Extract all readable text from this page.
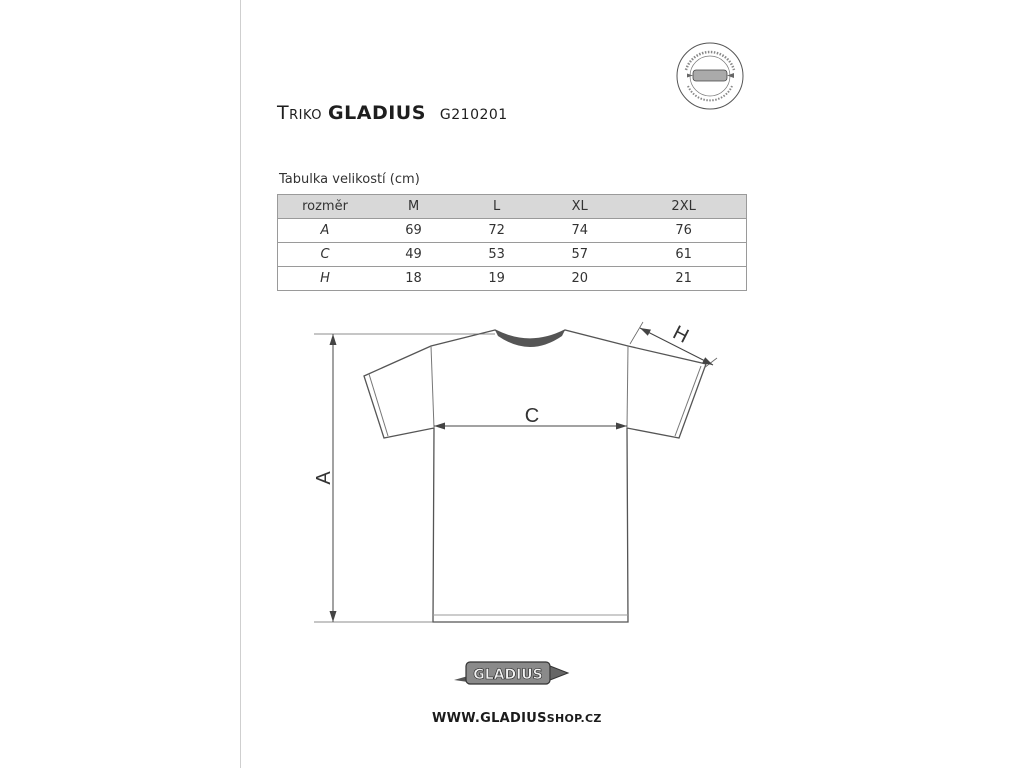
Triko GLADIUS G210201
Tabulka velikostí (cm)
rozměr	M	L	XL	2XL
A	69	72	74	76
C	49	53	57	61
H	18	19	20	21
A
C
H
GLADIUS
WWW.GLADIUSSHOP.CZ
